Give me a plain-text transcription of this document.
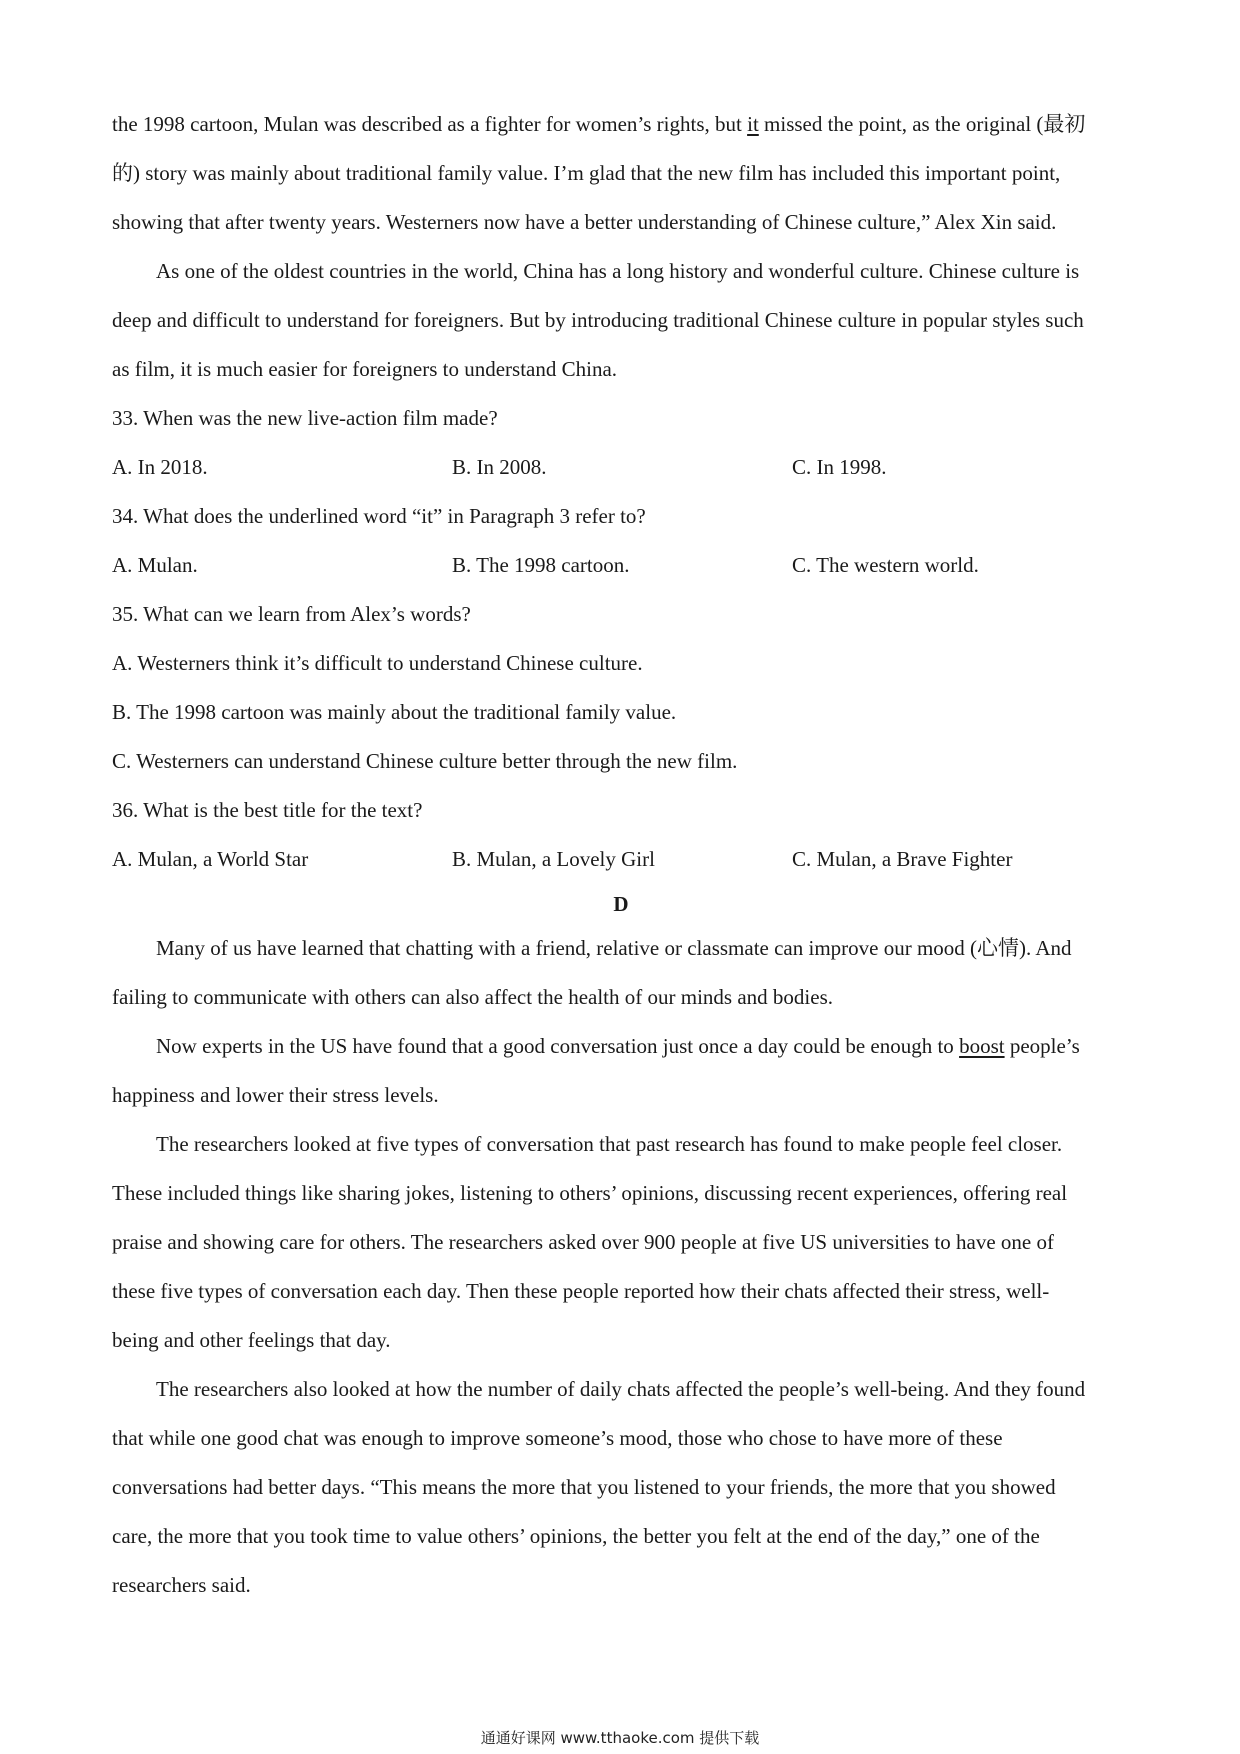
the 1998 cartoon, Mulan was described as a fighter for women’s rights, but it missed the point, as the original (最初
的) story was mainly about traditional family value. I’m glad that the new film has included this important point,
showing that after twenty years. Westerners now have a better understanding of Chinese culture,” Alex Xin said.
As one of the oldest countries in the world, China has a long history and wonderful culture. Chinese culture is
deep and difficult to understand for foreigners. But by introducing traditional Chinese culture in popular styles such
as film, it is much easier for foreigners to understand China.
33. When was the new live-action film made?
A. In 2018.	B. In 2008.	C. In 1998.
34. What does the underlined word “it” in Paragraph 3 refer to?
A. Mulan.	B. The 1998 cartoon.	C. The western world.
35. What can we learn from Alex’s words?
A. Westerners think it’s difficult to understand Chinese culture.
B. The 1998 cartoon was mainly about the traditional family value.
C. Westerners can understand Chinese culture better through the new film.
36. What is the best title for the text?
A. Mulan, a World Star	B. Mulan, a Lovely Girl	C. Mulan, a Brave Fighter
D
Many of us have learned that chatting with a friend, relative or classmate can improve our mood (心情). And
failing to communicate with others can also affect the health of our minds and bodies.
Now experts in the US have found that a good conversation just once a day could be enough to boost people’s
happiness and lower their stress levels.
The researchers looked at five types of conversation that past research has found to make people feel closer.
These included things like sharing jokes, listening to others’ opinions, discussing recent experiences, offering real
praise and showing care for others. The researchers asked over 900 people at five US universities to have one of
these five types of conversation each day. Then these people reported how their chats affected their stress, well-
being and other feelings that day.
The researchers also looked at how the number of daily chats affected the people’s well-being. And they found
that while one good chat was enough to improve someone’s mood, those who chose to have more of these
conversations had better days. “This means the more that you listened to your friends, the more that you showed
care, the more that you took time to value others’ opinions, the better you felt at the end of the day,” one of the
researchers said.
通通好课网 www.tthaoke.com 提供下载
